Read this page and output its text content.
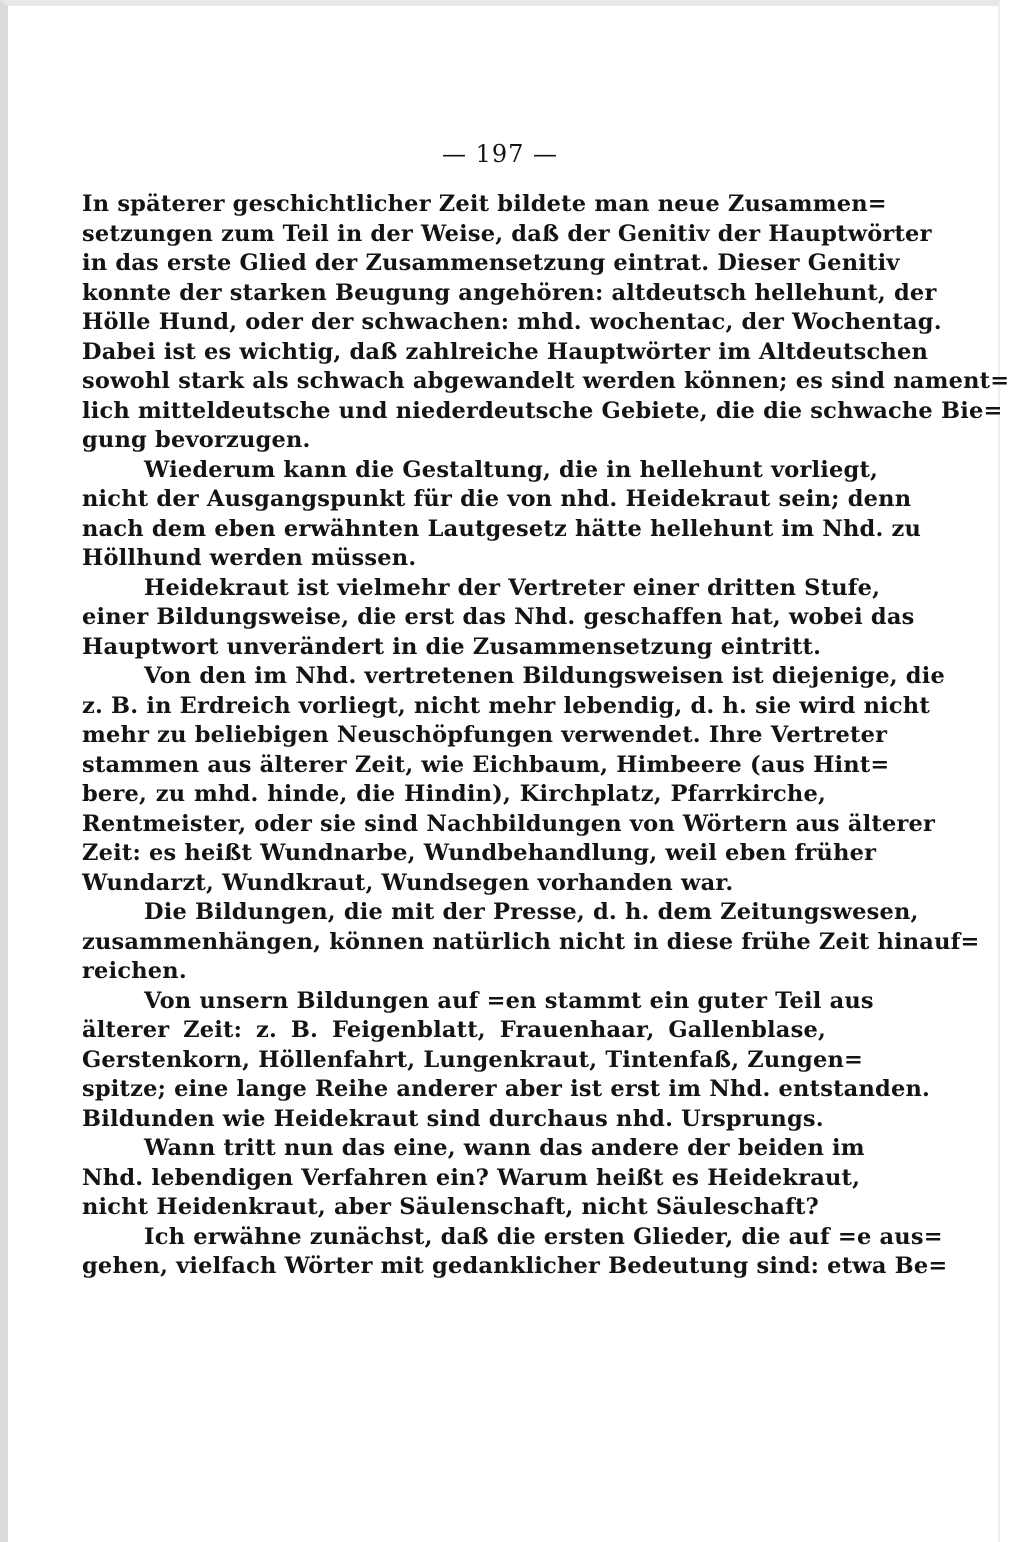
— 197 —

In späterer geschichtlicher Zeit bildete man neue Zusammen=
setzungen zum Teil in der Weise, daß der Genitiv der Hauptwörter
in das erste Glied der Zusammensetzung eintrat. Dieser Genitiv
konnte der starken Beugung angehören: altdeutsch hellehunt, der
Hölle Hund, oder der schwachen: mhd. wochentac, der Wochentag.
Dabei ist es wichtig, daß zahlreiche Hauptwörter im Altdeutschen
sowohl stark als schwach abgewandelt werden können; es sind nament=
lich mitteldeutsche und niederdeutsche Gebiete, die die schwache Bie=
gung bevorzugen.

Wiederum kann die Gestaltung, die in hellehunt vorliegt,
nicht der Ausgangspunkt für die von nhd. Heidekraut sein; denn
nach dem eben erwähnten Lautgesetz hätte hellehunt im Nhd. zu
Höllhund werden müssen.

Heidekraut ist vielmehr der Vertreter einer dritten Stufe,
einer Bildungsweise, die erst das Nhd. geschaffen hat, wobei das
Hauptwort unverändert in die Zusammensetzung eintritt.

Von den im Nhd. vertretenen Bildungsweisen ist diejenige, die
z. B. in Erdreich vorliegt, nicht mehr lebendig, d. h. sie wird nicht
mehr zu beliebigen Neuschöpfungen verwendet. Ihre Vertreter
stammen aus älterer Zeit, wie Eichbaum, Himbeere (aus Hint=
bere, zu mhd. hinde, die Hindin), Kirchplatz, Pfarrkirche,
Rentmeister, oder sie sind Nachbildungen von Wörtern aus älterer
Zeit: es heißt Wundnarbe, Wundbehandlung, weil eben früher
Wundarzt, Wundkraut, Wundsegen vorhanden war.

Die Bildungen, die mit der Presse, d. h. dem Zeitungswesen,
zusammenhängen, können natürlich nicht in diese frühe Zeit hinauf=
reichen.

Von unsern Bildungen auf =en stammt ein guter Teil aus
älterer Zeit: z. B. Feigenblatt, Frauenhaar, Gallenblase,
Gerstenkorn, Höllenfahrt, Lungenkraut, Tintenfaß, Zungen=
spitze; eine lange Reihe anderer aber ist erst im Nhd. entstanden.
Bildunden wie Heidekraut sind durchaus nhd. Ursprungs.

Wann tritt nun das eine, wann das andere der beiden im
Nhd. lebendigen Verfahren ein? Warum heißt es Heidekraut,
nicht Heidenkraut, aber Säulenschaft, nicht Säuleschaft?

Ich erwähne zunächst, daß die ersten Glieder, die auf =e aus=
gehen, vielfach Wörter mit gedanklicher Bedeutung sind: etwa Be=
